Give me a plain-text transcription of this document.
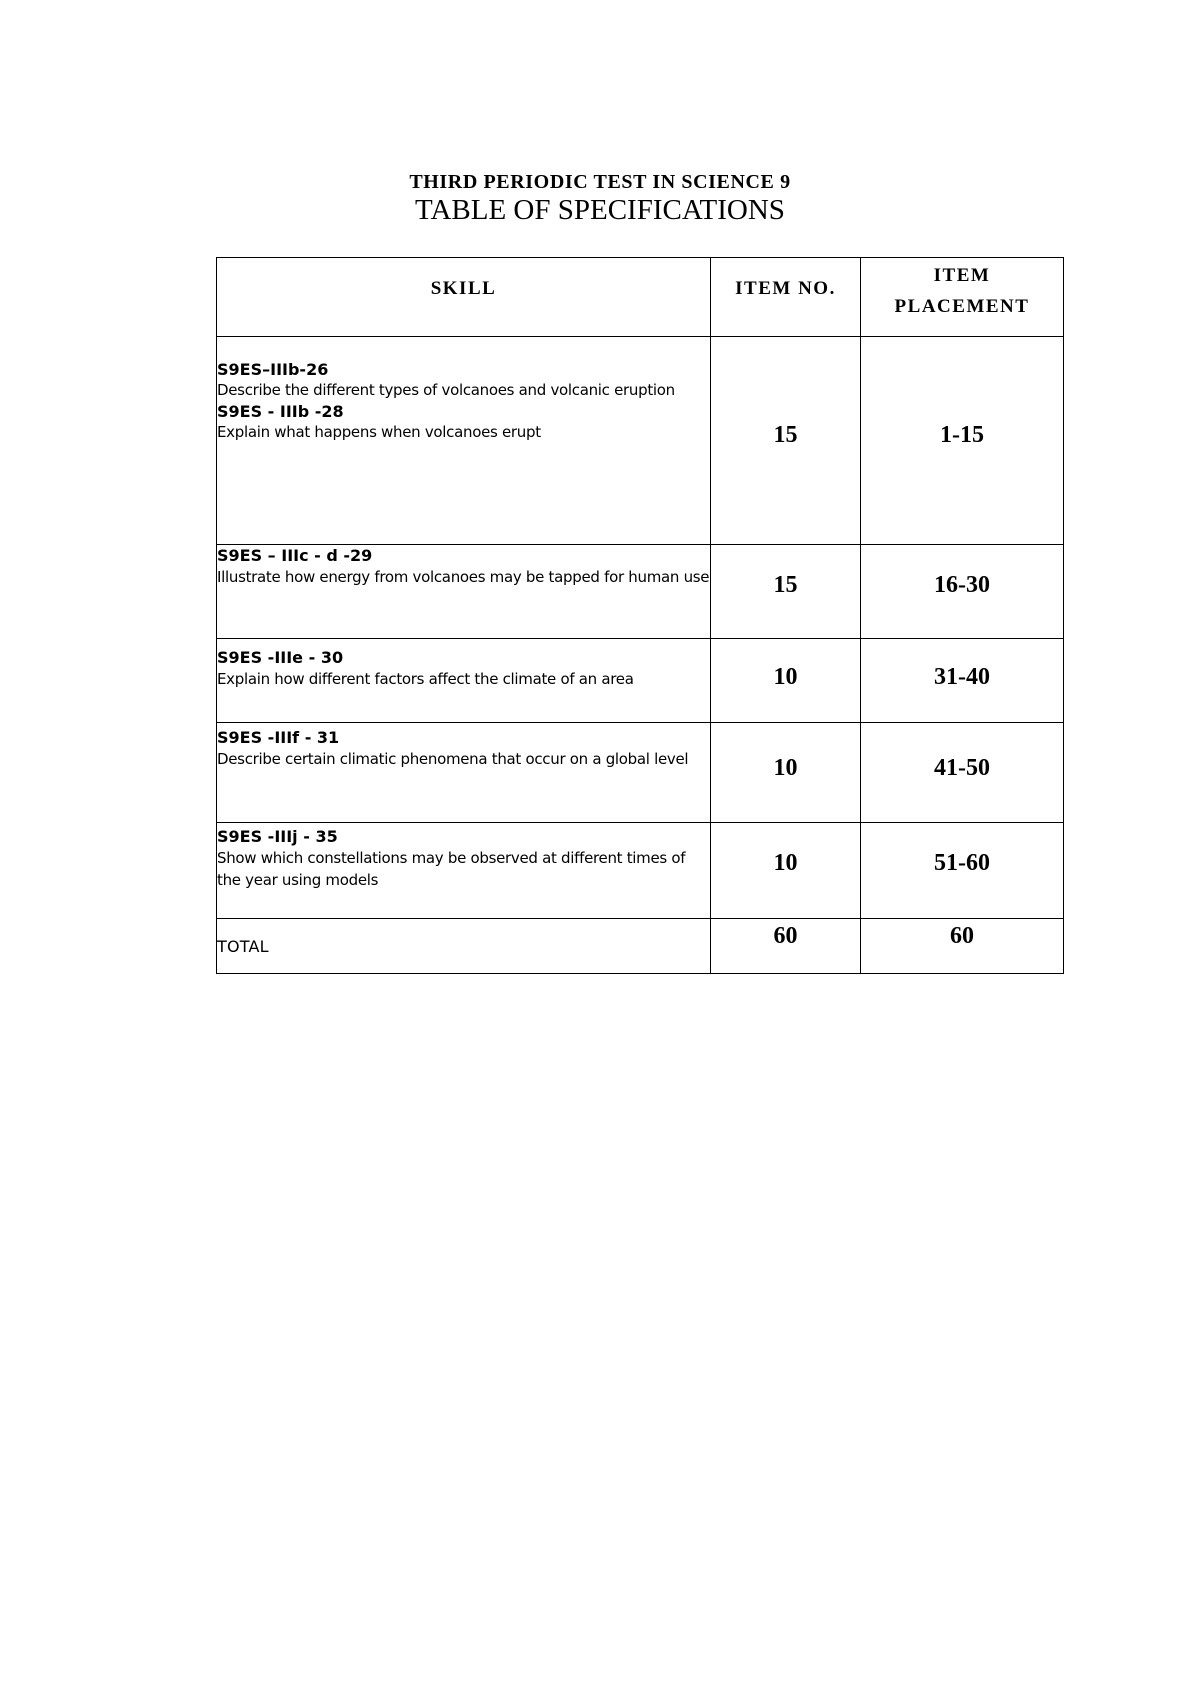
THIRD PERIODIC TEST IN SCIENCE 9
TABLE OF SPECIFICATIONS
SKILL	ITEM NO.	ITEM
PLACEMENT

S9ES–IIIb-26
Describe the different types of volcanoes and volcanic eruption
S9ES - IIIb -28
Explain what happens when volcanoes erupt	15	1-15

S9ES – IIIc - d -29
Illustrate how energy from volcanoes may be tapped for human use	15	16-30

S9ES -IIIe - 30
Explain how different factors affect the climate of an area	10	31-40

S9ES -IIIf - 31
Describe certain climatic phenomena that occur on a global level	10	41-50

S9ES -IIIj - 35
Show which constellations may be observed at different times of the year using models	10	51-60
TOTAL	60	60
